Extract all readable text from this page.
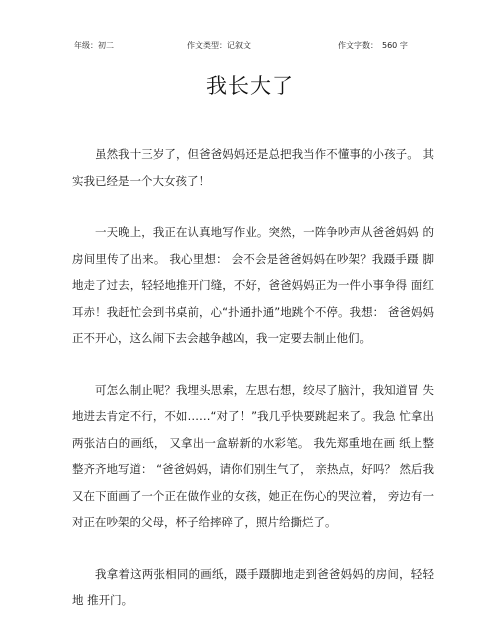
年级：初二	作文类型：记叙文	作文字数： 560 字
我长大了

虽然我十三岁了，但爸爸妈妈还是总把我当作不懂事的小孩子。 其实我已经是一个大女孩了！

一天晚上，我正在认真地写作业。突然，一阵争吵声从爸爸妈妈 的房间里传了出来。 我心里想： 会不会是爸爸妈妈在吵架？我蹑手蹑 脚地走了过去，轻轻地推开门缝，不好，爸爸妈妈正为一件小事争得 面红耳赤！我赶忙会到书桌前，心“扑通扑通”地跳个不停。我想： 爸爸妈妈正不开心，这么闹下去会越争越凶，我一定要去制止他们。

可怎么制止呢？我埋头思索，左思右想，绞尽了脑汁，我知道冒 失地进去肯定不行，不如……“对了！”我几乎快要跳起来了。我急 忙拿出两张洁白的画纸， 又拿出一盒崭新的水彩笔。 我先郑重地在画 纸上整整齐齐地写道： “爸爸妈妈，请你们别生气了， 亲热点，好吗？ 然后我又在下面画了一个正在做作业的女孩，她正在伤心的哭泣着， 旁边有一对正在吵架的父母，杯子给摔碎了，照片给撕烂了。

我拿着这两张相同的画纸，蹑手蹑脚地走到爸爸妈妈的房间，轻轻地 推开门。
